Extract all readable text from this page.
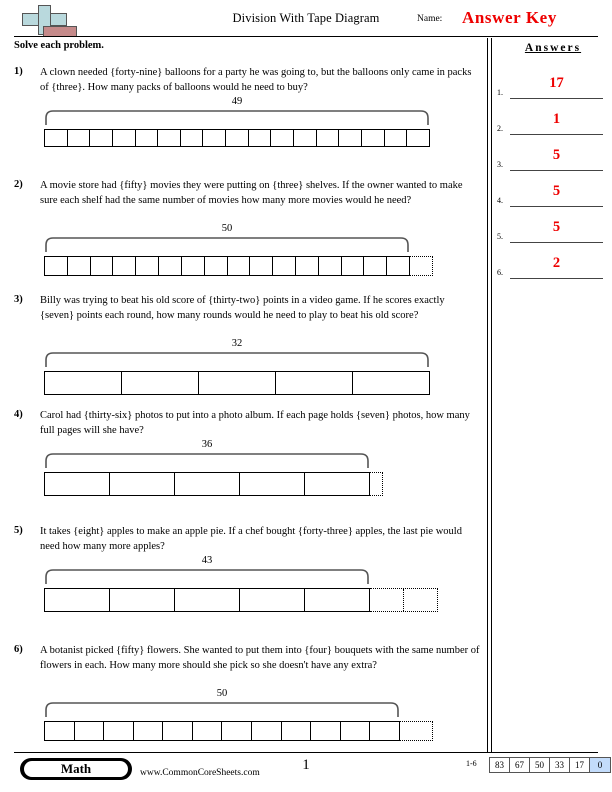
Division With Tape Diagram	Name: Answer Key
Solve each problem.	Answers
1.
17
2.
1
3.
5
4.
5
5.
5
6.
2
1) A clown needed {forty-nine} balloons for a party he was going to, but the balloons only came in packs of {three}. How many packs of balloons would he need to buy?
49
2) A movie store had {fifty} movies they were putting on {three} shelves. If the owner wanted to make sure each shelf had the same number of movies how many more movies would he need?
50
3) Billy was trying to beat his old score of {thirty-two} points in a video game. If he scores exactly {seven} points each round, how many rounds would he need to play to beat his old score?
32
4) Carol had {thirty-six} photos to put into a photo album. If each page holds {seven} photos, how many full pages will she have?
36
5) It takes {eight} apples to make an apple pie. If a chef bought {forty-three} apples, the last pie would need how many more apples?
43
6) A botanist picked {fifty} flowers. She wanted to put them into {four} bouquets with the same number of flowers in each. How many more should she pick so she doesn't have any extra?
50
Math	www.CommonCoreSheets.com	1	1-6	83	67	50	33	17	0
